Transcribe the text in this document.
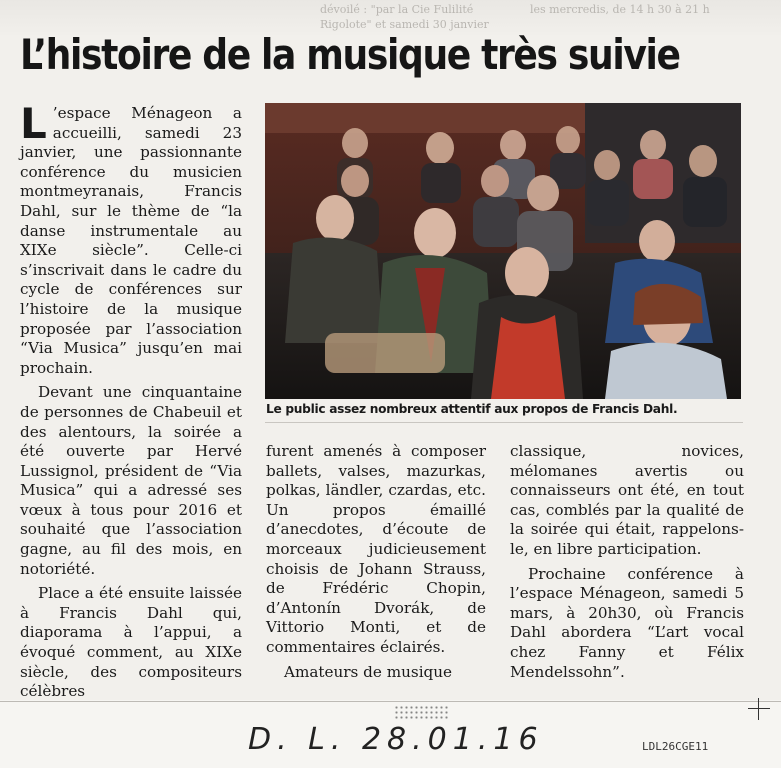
dévoilé : "par la Cie Fulilité	les mercredis, de 14 h 30 à 21 h
Rigolote" et samedi 30 janvier
L’histoire de la musique très suivie

L ’espace Ménageon a accueilli, samedi 23 janvier, une passionnante conférence du musicien montmeyranais, Francis Dahl, sur le thème de “la danse instrumentale au XIXe siècle”. Celle-ci s’inscrivait dans le cadre du cycle de conférences sur l’histoire de la musique proposée par l’association “Via Musica” jusqu’en mai prochain.

Devant une cinquantaine de personnes de Chabeuil et des alentours, la soirée a été ouverte par Hervé Lussignol, président de “Via Musica” qui a adressé ses vœux à tous pour 2016 et souhaité que l’association gagne, au fil des mois, en notoriété.

Place a été ensuite laissée à Francis Dahl qui, diaporama à l’appui, a évoqué comment, au XIXe siècle, des compositeurs célèbres

Le public assez nombreux attentif aux propos de Francis Dahl.

furent amenés à composer ballets, valses, mazurkas, polkas, ländler, czardas, etc. Un propos émaillé d’anecdotes, d’écoute de morceaux judicieusement choisis de Johann Strauss, de Frédéric Chopin, d’Antonín Dvorák, de Vittorio Monti, et de commentaires éclairés.

Amateurs de musique

classique, novices, mélomanes avertis ou connaisseurs ont été, en tout cas, comblés par la qualité de la soirée qui était, rappelons-le, en libre participation.

Prochaine conférence à l’espace Ménageon, samedi 5 mars, à 20h30, où Francis Dahl abordera “L’art vocal chez Fanny et Félix Mendelssohn”.

D. L. 28.01.16	LDL26CGE11
